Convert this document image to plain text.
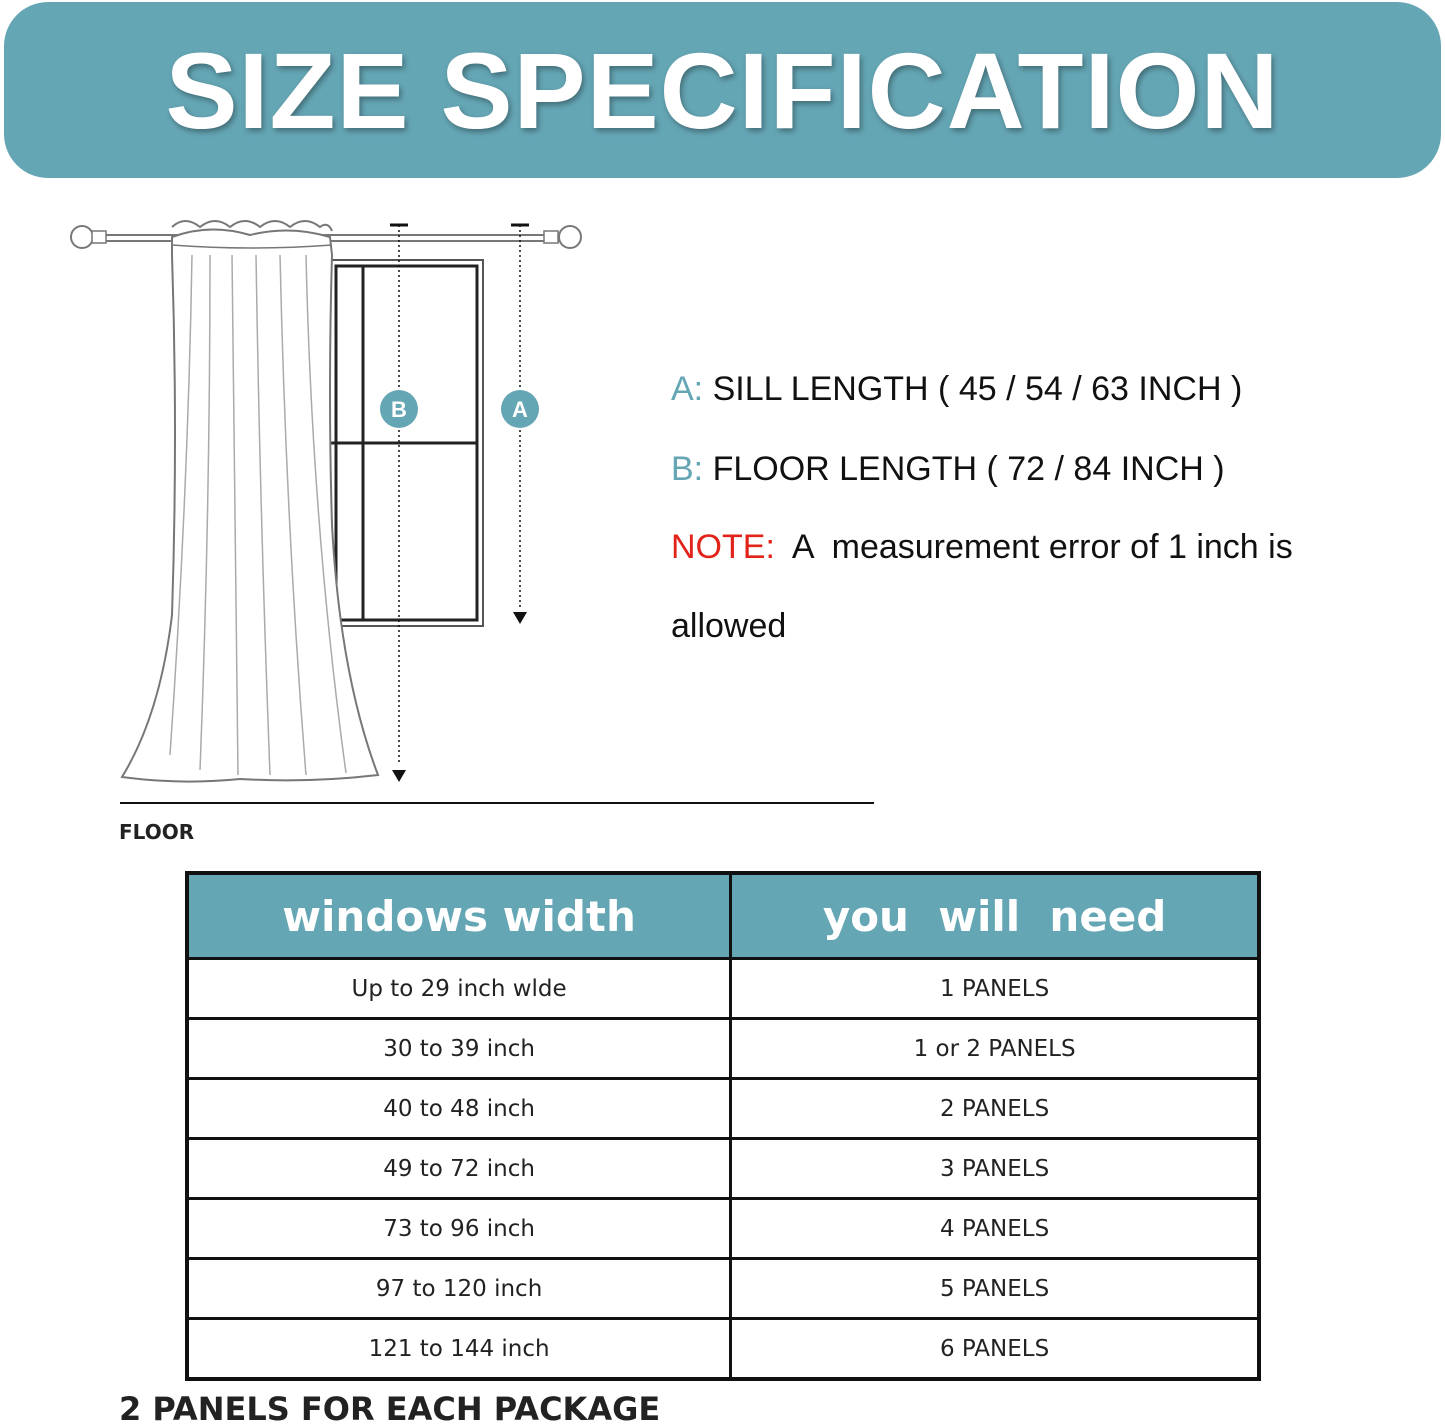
SIZE SPECIFICATION
B	A
FLOOR
A: SILL LENGTH ( 45 / 54 / 63 INCH )
B: FLOOR LENGTH ( 72 / 84 INCH )
NOTE:  A  measurement error of 1 inch is
allowed
windows width	you  will  need
Up to 29 inch wlde	1 PANELS
30 to 39 inch	1 or 2 PANELS
40 to 48 inch	2 PANELS
49 to 72 inch	3 PANELS
73 to 96 inch	4 PANELS
97 to 120 inch	5 PANELS
121 to 144 inch	6 PANELS
2 PANELS FOR EACH PACKAGE
